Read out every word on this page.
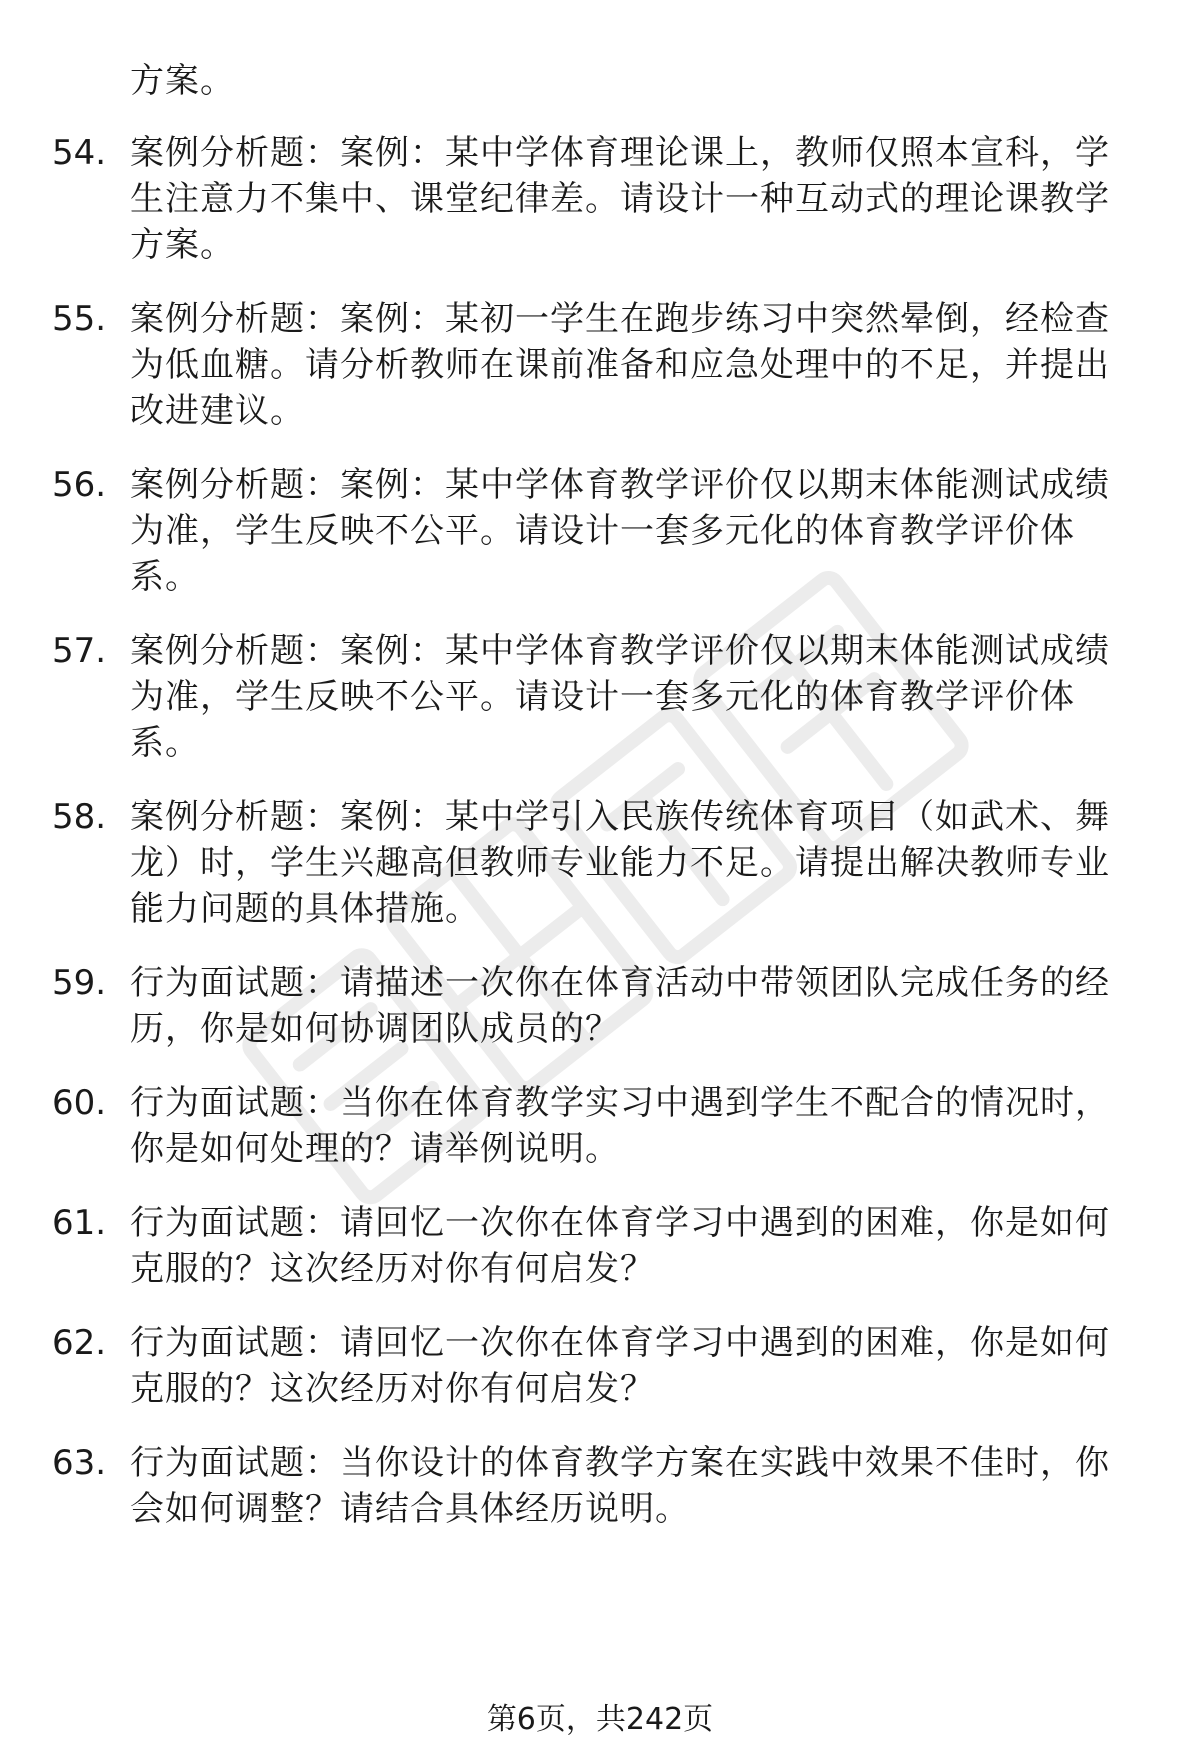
方案。
54. 案例分析题：案例：某中学体育理论课上，教师仅照本宣科，学生注意力不集中、课堂纪律差。请设计一种互动式的理论课教学方案。
55. 案例分析题：案例：某初一学生在跑步练习中突然晕倒，经检查为低血糖。请分析教师在课前准备和应急处理中的不足，并提出改进建议。
56. 案例分析题：案例：某中学体育教学评价仅以期末体能测试成绩为准，学生反映不公平。请设计一套多元化的体育教学评价体系。
57. 案例分析题：案例：某中学体育教学评价仅以期末体能测试成绩为准，学生反映不公平。请设计一套多元化的体育教学评价体系。
58. 案例分析题：案例：某中学引入民族传统体育项目（如武术、舞龙）时，学生兴趣高但教师专业能力不足。请提出解决教师专业能力问题的具体措施。
59. 行为面试题：请描述一次你在体育活动中带领团队完成任务的经历，你是如何协调团队成员的？
60. 行为面试题：当你在体育教学实习中遇到学生不配合的情况时，你是如何处理的？请举例说明。
61. 行为面试题：请回忆一次你在体育学习中遇到的困难，你是如何克服的？这次经历对你有何启发？
62. 行为面试题：请回忆一次你在体育学习中遇到的困难，你是如何克服的？这次经历对你有何启发？
63. 行为面试题：当你设计的体育教学方案在实践中效果不佳时，你会如何调整？请结合具体经历说明。
第6页，共242页
